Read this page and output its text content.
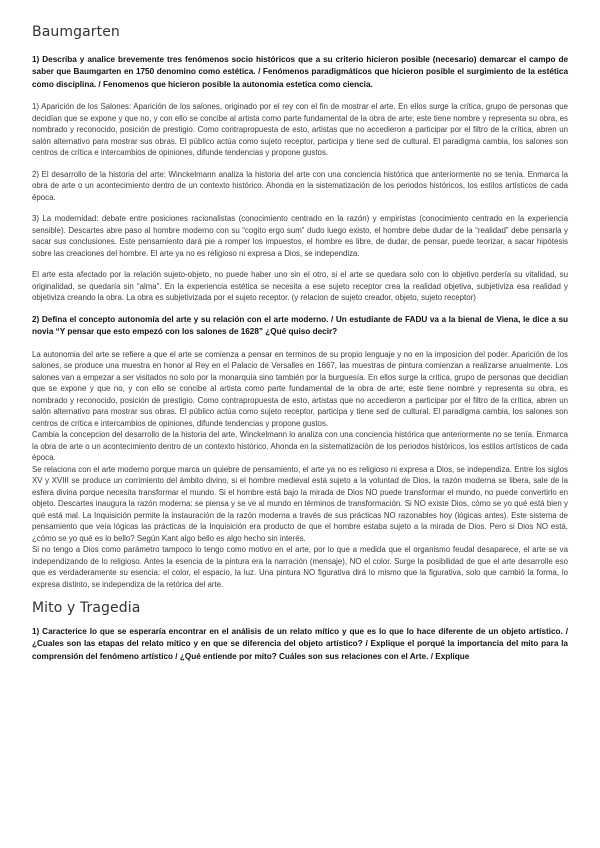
Baumgarten

1) Describa y analice brevemente tres fenómenos socio históricos que a su criterio hicieron posible (necesario) demarcar el campo de saber que Baumgarten en 1750 denomino como estética. / Fenómenos paradigmáticos que hicieron posible el surgimiento de la estética como disciplina. / Fenomenos que hicieron posible la autonomia estetica como ciencia.

1) Aparición de los Salones: Aparición de los salones, originado por el rey con el fin de mostrar el arte. En ellos surge la crítica, grupo de personas que decidían que se expone y que no, y con ello se concibe al artista como parte fundamental de la obra de arte; este tiene nombre y representa su obra, es nombrado y reconocido, posición de prestigio. Como contrapropuesta de esto, artistas que no accedieron a participar por el filtro de la crítica, abren un salón alternativo para mostrar sus obras. El público actúa como sujeto receptor, participa y tiene sed de cultural. El paradigma cambia, los salones son centros de crítica e intercambios de opiniones, difunde tendencias y propone gustos.

2) El desarrollo de la historia del arte: Winckelmann analiza la historia del arte con una conciencia histórica que anteriormente no se tenía. Enmarca la obra de arte o un acontecimiento dentro de un contexto histórico. Ahonda en la sistematización de los periodos históricos, los estilos artísticos de cada época.

3) La modernidad: debate entre posiciones racionalistas (conocimiento centrado en la razón) y empiristas (conocimiento centrado en la experiencia sensible). Descartes abre paso al hombre moderno con su “cogito ergo sum” dudo luego existo, el hombre debe dudar de la “realidad” debe pensarla y sacar sus conclusiones. Este pensamiento dará pie a romper los impuestos, el hombre es libre, de dudar, de pensar, puede teorizar, a sacar hipótesis sobre las creaciones del hombre. El arte ya no es religioso ni expresa a Dios, se independiza.

El arte esta afectado por la relación sujeto-objeto, no puede haber uno sin el otro, si el arte se quedara solo con lo objetivo perdería su vitalidad, su originalidad, se quedaría sin “alma”. En la experiencia estética se necesita a ese sujeto receptor crea la realidad objetiva, subjetiviza esa realidad y objetiviza creando la obra. La obra es subjetivizada por el sujeto receptor. (y relacion de sujeto creador, objeto, sujeto receptor)

2) Defina el concepto autonomía del arte y su relación con el arte moderno. / Un estudiante de FADU va a la bienal de Viena, le dice a su novia “Y pensar que esto empezó con los salones de 1628” ¿Qué quiso decir?

La autonomia del arte se refiere a que el arte se comienza a pensar en terminos de su propio lenguaje y no en la imposicion del poder. Aparición de los salones, se produce una muestra en honor al Rey en el Palacio de Versalles en 1667, las muestras de pintura comienzan a realizarse anualmente. Los salones van a empezar a ser visitados no solo por la monarquía sino también por la burguesía. En ellos surge la crítica, grupo de personas que decidían que se expone y que no, y con ello se concibe al artista como parte fundamental de la obra de arte; este tiene nombre y representa su obra, es nombrado y reconocido, posición de prestigio. Como contrapropuesta de esto, artistas que no accedieron a participar por el filtro de la crítica, abren un salón alternativo para mostrar sus obras. El público actúa como sujeto receptor, participa y tiene sed de cultural. El paradigma cambia, los salones son centros de crítica e intercambios de opiniones, difunde tendencias y propone gustos.

Cambia la concepcion del desarrollo de la historia del arte, Winckelmann lo analiza con una conciencia histórica que anteriormente no se tenía. Enmarca la obra de arte o un acontecimiento dentro de un contexto histórico. Ahonda en la sistematización de los periodos históricos, los estilos artísticos de cada época.

Se relaciona con el arte moderno porque marca un quiebre de pensamiento, el arte ya no es religioso ni expresa a Dios, se independiza. Entre los siglos XV y XVIII se produce un corrimiento del ámbito divino, si el hombre medieval está sujeto a la voluntad de Dios, la razón moderna se libera, sale de la esfera divina porque necesita transformar el mundo. Si el hombre está bajo la mirada de Dios NO puede transformar el mundo, no puede convertirlo en objeto. Descartes inaugura la razón moderna: se piensa y se ve al mundo en términos de transformación. Si NO existe Dios, cómo se yo qué está bien y qué está mal. La Inquisición permite la instauración de la razón moderna a través de sus prácticas NO razonables hoy (lógicas antes). Este sistema de pensamiento que veía lógicas las prácticas de la Inquisición era producto de que el hombre estaba sujeto a la mirada de Dios. Pero si Dios NO está, ¿cómo se yo qué es lo bello? Según Kant algo bello es algo hecho sin interés.

Si no tengo a Dios como parámetro tampoco lo tengo como motivo en el arte, por lo que a medida que el organismo feudal desaparece, el arte se va independizando de lo religioso. Antes la esencia de la pintura era la narración (mensaje), NO el color. Surge la posibilidad de que el arte desarrolle eso que es verdaderamente su esencia: el color, el espacio, la luz. Una pintura NO figurativa dirá lo mismo que la figurativa, solo que cambió la forma, lo expresa distinto, se independiza de la retórica del arte.

Mito y Tragedia

1) Caracterice lo que se esperaría encontrar en el análisis de un relato mítico y que es lo que lo hace diferente de un objeto artístico. / ¿Cuales son las etapas del relato mítico y en que se diferencia del objeto artístico? / Explique el porqué la importancia del mito para la comprensión del fenómeno artístico / ¿Qué entiende por mito? Cuáles son sus relaciones con el Arte. / Explique
